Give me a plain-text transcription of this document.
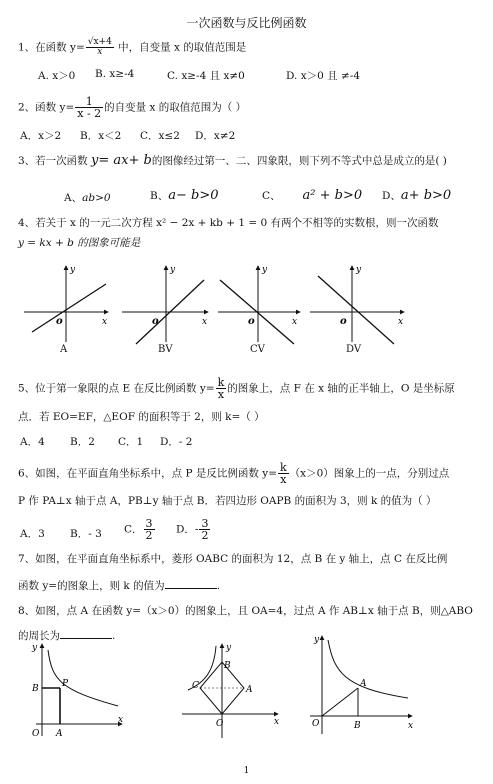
一次函数与反比例函数
1、在函数 $y= \frac{√x+4}{x}$ 中，自变量 x 的取值范围是
A. x＞0 B. x≥-4	C. x≥-4 且 x≠0	D. x＞0 且 ≠-4
2、函数 $y= \frac{1}{x - 2}$ 的自变量 x 的取值范围为（ ）
A．x＞2 B．x＜2 C．x≤2 D．x≠2
3、若一次函数 y= ax+ b的图像经过第一、二、四象限，则下列不等式中总是成立的是( )
A、ab>0	B、a− b>0	C、 a² + b>0 D、a+ b>0
4、若关于 x 的一元二次方程 x² − 2x + kb + 1 = 0 有两个不相等的实数根，则一次函数
y = kx + b 的图象可能是
y
x
o
y
x
o
y
x
o
y
x
o
A	BV	CV	DV
5、位于第一象限的点 E 在反比例函数 $y= \frac{k}{x}$ 的图象上，点 F 在 x 轴的正半轴上，O 是坐标原
点．若 EO=EF，△EOF 的面积等于 2，则 k=（ ）
A．4 B．2 C．1 D．- 2
6、如图，在平面直角坐标系中，点 P 是反比例函数 $y= \frac{k}{x} (x>0)$图象上的一点，分别过点
P 作 PA⊥x 轴于点 A，PB⊥y 轴于点 B．若四边形 OAPB 的面积为 3，则 k 的值为（ ）
A．3 B．- 3 C． $\frac{3}{2}$ D．- $\frac{3}{2}$
7、如图，在平面直角坐标系中，菱形 OABC 的面积为 12，点 B 在 y 轴上，点 C 在反比例
函数 y=的图象上，则 k 的值为	.
8、如图，点 A 在函数 y=（x＞0）的图象上，且 OA=4，过点 A 作 AB⊥x 轴于点 B，则△ABO
的周长为	.
y
x
B	P
O A
y
x
B
C	A
O
y
x
A
O	B
1
